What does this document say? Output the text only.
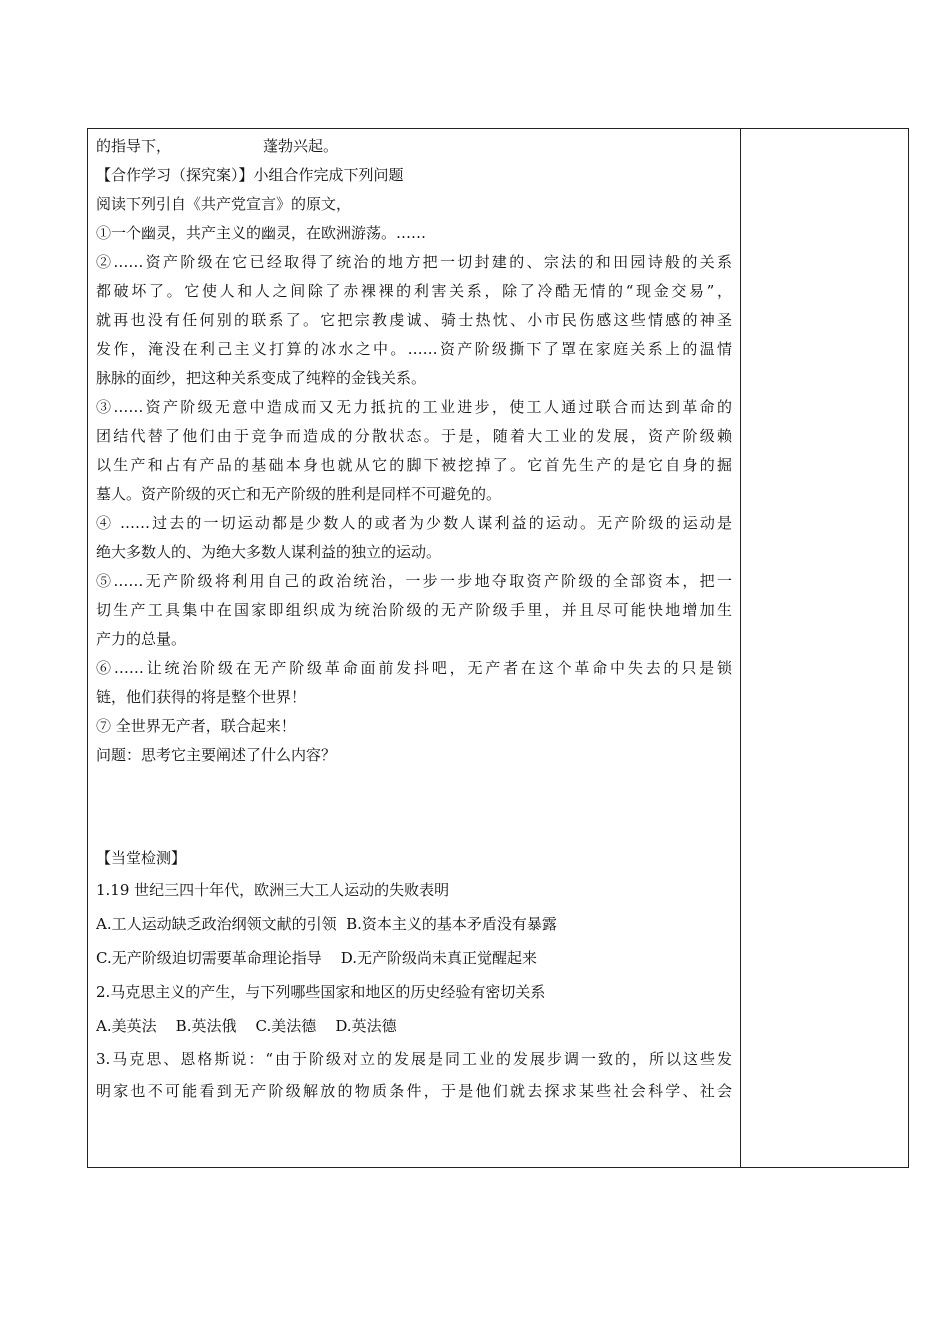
的指导下，	蓬勃兴起。
【合作学习（探究案）】小组合作完成下列问题
阅读下列引自《共产党宣言》的原文，
①一个幽灵，共产主义的幽灵，在欧洲游荡。……
②……资产阶级在它已经取得了统治的地方把一切封建的、宗法的和田园诗般的关系
都破坏了。它使人和人之间除了赤裸裸的利害关系，除了冷酷无情的“现金交易”，
就再也没有任何别的联系了。它把宗教虔诚、骑士热忱、小市民伤感这些情感的神圣
发作，淹没在利己主义打算的冰水之中。……资产阶级撕下了罩在家庭关系上的温情
脉脉的面纱，把这种关系变成了纯粹的金钱关系。
③……资产阶级无意中造成而又无力抵抗的工业进步，使工人通过联合而达到革命的
团结代替了他们由于竞争而造成的分散状态。于是，随着大工业的发展，资产阶级赖
以生产和占有产品的基础本身也就从它的脚下被挖掉了。它首先生产的是它自身的掘
墓人。资产阶级的灭亡和无产阶级的胜利是同样不可避免的。
④ ……过去的一切运动都是少数人的或者为少数人谋利益的运动。无产阶级的运动是
绝大多数人的、为绝大多数人谋利益的独立的运动。
⑤……无产阶级将利用自己的政治统治，一步一步地夺取资产阶级的全部资本，把一
切生产工具集中在国家即组织成为统治阶级的无产阶级手里，并且尽可能快地增加生
产力的总量。
⑥……让统治阶级在无产阶级革命面前发抖吧，无产者在这个革命中失去的只是锁
链，他们获得的将是整个世界！
⑦ 全世界无产者，联合起来！
问题：思考它主要阐述了什么内容？
【当堂检测】
1.19 世纪三四十年代，欧洲三大工人运动的失败表明
A.工人运动缺乏政治纲领文献的引领  B.资本主义的基本矛盾没有暴露
C.无产阶级迫切需要革命理论指导    D.无产阶级尚未真正觉醒起来
2.马克思主义的产生，与下列哪些国家和地区的历史经验有密切关系
A.美英法    B.英法俄    C.美法德    D.英法德
3.马克思、恩格斯说：“由于阶级对立的发展是同工业的发展步调一致的，所以这些发
明家也不可能看到无产阶级解放的物质条件，于是他们就去探求某些社会科学、社会
